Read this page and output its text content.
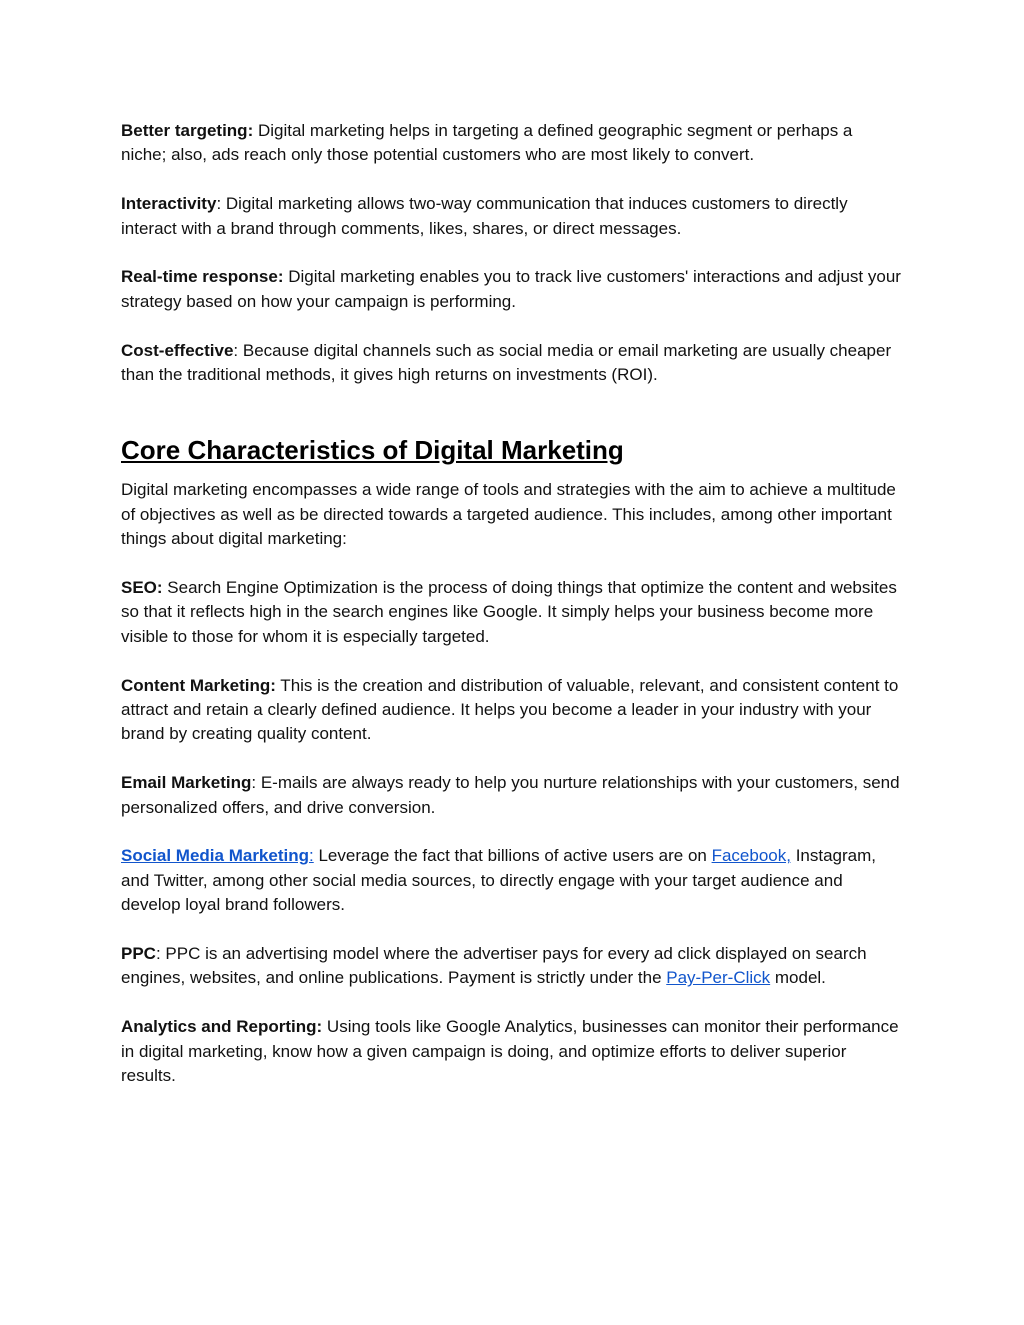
Better targeting: Digital marketing helps in targeting a defined geographic segment or perhaps a niche; also, ads reach only those potential customers who are most likely to convert.

Interactivity: Digital marketing allows two-way communication that induces customers to directly interact with a brand through comments, likes, shares, or direct messages.

Real-time response: Digital marketing enables you to track live customers' interactions and adjust your strategy based on how your campaign is performing.

Cost-effective: Because digital channels such as social media or email marketing are usually cheaper than the traditional methods, it gives high returns on investments (ROI).

Core Characteristics of Digital Marketing

Digital marketing encompasses a wide range of tools and strategies with the aim to achieve a multitude of objectives as well as be directed towards a targeted audience. This includes, among other important things about digital marketing:

SEO: Search Engine Optimization is the process of doing things that optimize the content and websites so that it reflects high in the search engines like Google. It simply helps your business become more visible to those for whom it is especially targeted.

Content Marketing: This is the creation and distribution of valuable, relevant, and consistent content to attract and retain a clearly defined audience. It helps you become a leader in your industry with your brand by creating quality content.

Email Marketing: E-mails are always ready to help you nurture relationships with your customers, send personalized offers, and drive conversion.

Social Media Marketing: Leverage the fact that billions of active users are on Facebook, Instagram, and Twitter, among other social media sources, to directly engage with your target audience and develop loyal brand followers.

PPC: PPC is an advertising model where the advertiser pays for every ad click displayed on search engines, websites, and online publications. Payment is strictly under the Pay-Per-Click model.

Analytics and Reporting: Using tools like Google Analytics, businesses can monitor their performance in digital marketing, know how a given campaign is doing, and optimize efforts to deliver superior results.
